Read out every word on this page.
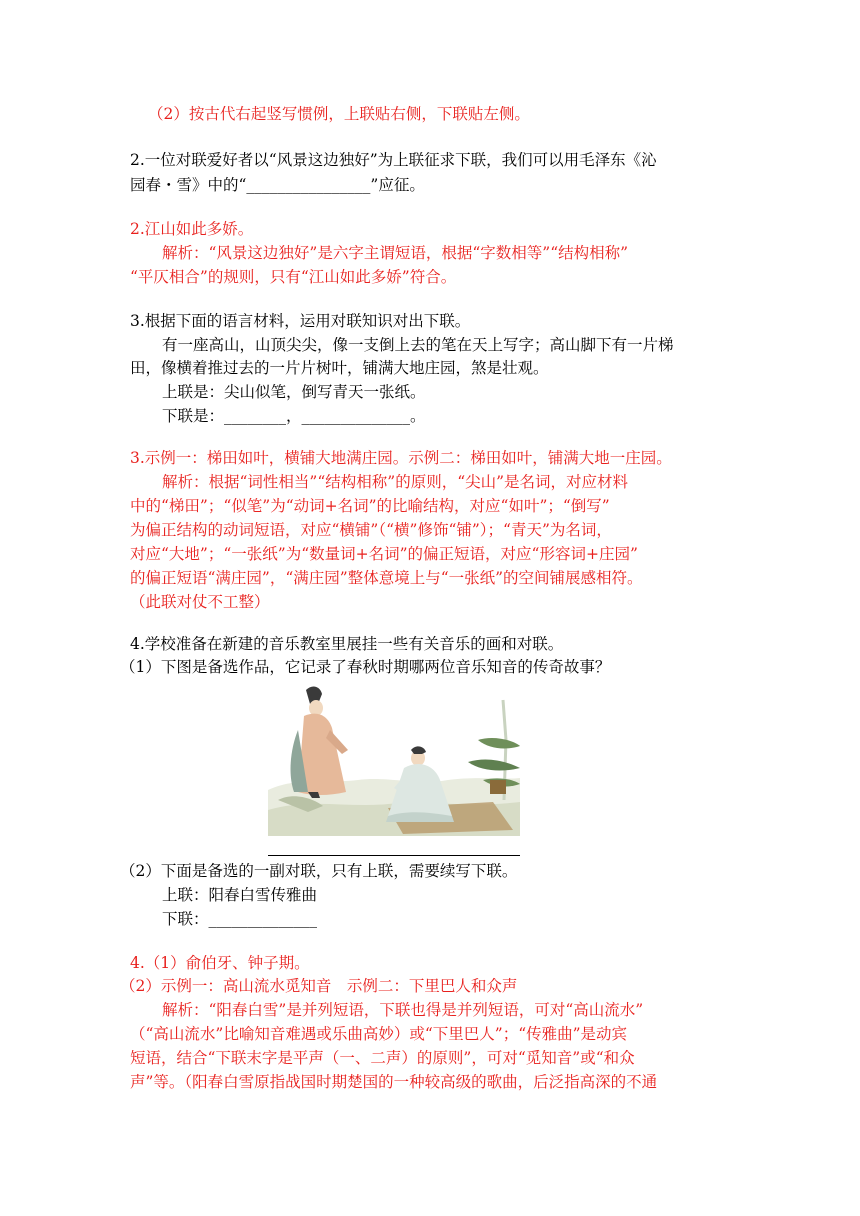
（2）按古代右起竖写惯例，上联贴右侧，下联贴左侧。
2.一位对联爱好者以“风景这边独好”为上联征求下联，我们可以用毛泽东《沁
园春・雪》中的“________________”应征。
2.江山如此多娇。
解析：“风景这边独好”是六字主谓短语，根据“字数相等”“结构相称”
“平仄相合”的规则，只有“江山如此多娇”符合。
3.根据下面的语言材料，运用对联知识对出下联。
有一座高山，山顶尖尖，像一支倒上去的笔在天上写字；高山脚下有一片梯
田，像横着推过去的一片片树叶，铺满大地庄园，煞是壮观。
上联是：尖山似笔，倒写青天一张纸。
下联是：________，______________。
3.示例一：梯田如叶，横铺大地满庄园。示例二：梯田如叶，铺满大地一庄园。
解析：根据“词性相当”“结构相称”的原则，“尖山”是名词，对应材料
中的“梯田”；“似笔”为“动词+名词”的比喻结构，对应“如叶”；“倒写”
为偏正结构的动词短语，对应“横铺”（“横”修饰“铺”）；“青天”为名词，
对应“大地”；“一张纸”为“数量词+名词”的偏正短语，对应“形容词+庄园”
的偏正短语“满庄园”，“满庄园”整体意境上与“一张纸”的空间铺展感相符。
（此联对仗不工整）
4.学校准备在新建的音乐教室里展挂一些有关音乐的画和对联。
（1）下图是备选作品，它记录了春秋时期哪两位音乐知音的传奇故事？
（2）下面是备选的一副对联，只有上联，需要续写下联。
上联：阳春白雪传雅曲
下联：______________
4.（1）俞伯牙、钟子期。
（2）示例一：高山流水觅知音　示例二：下里巴人和众声
解析：“阳春白雪”是并列短语，下联也得是并列短语，可对“高山流水”
（“高山流水”比喻知音难遇或乐曲高妙）或“下里巴人”；“传雅曲”是动宾
短语，结合“下联末字是平声（一、二声）的原则”，可对“觅知音”或“和众
声”等。（阳春白雪原指战国时期楚国的一种较高级的歌曲，后泛指高深的不通
